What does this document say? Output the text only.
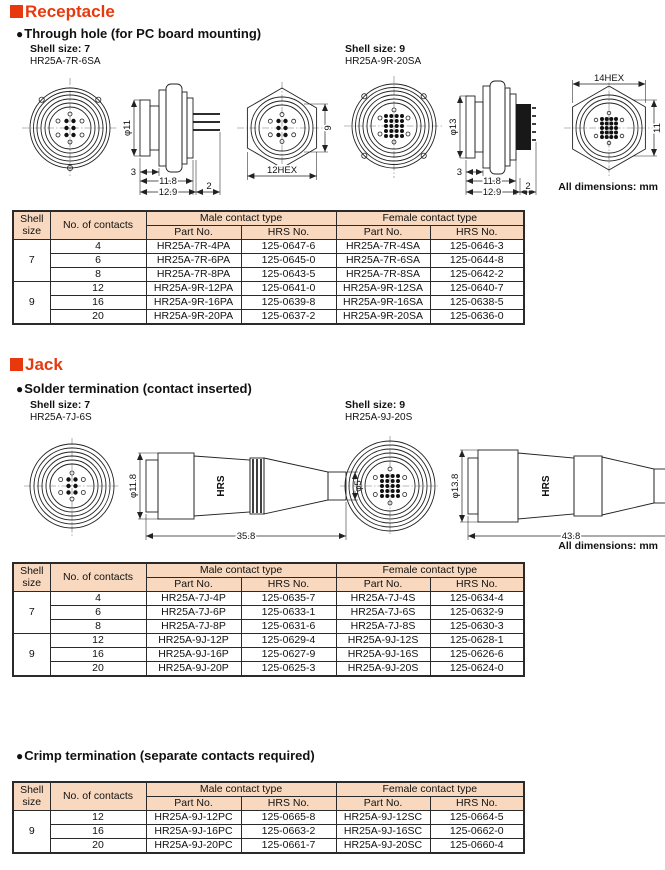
Receptacle
●Through hole (for PC board mounting)
Shell size: 7
HR25A-7R-6SA
Shell size: 9
HR25A-9R-20SA
φ11
3
11.8
12.9
2
12HEX
9	φ13
3
11.8
12.9
2
14HEX
11
All dimensions: mm
Shell size	No. of contacts	Male contact type		Female contact type	
		Part No.	HRS No.	Part No.	HRS No.
7	4	HR25A-7R-4PA	125-0647-6	HR25A-7R-4SA	125-0646-3
	6	HR25A-7R-6PA	125-0645-0	HR25A-7R-6SA	125-0644-8
	8	HR25A-7R-8PA	125-0643-5	HR25A-7R-8SA	125-0642-2
9	12	HR25A-9R-12PA	125-0641-0	HR25A-9R-12SA	125-0640-7
	16	HR25A-9R-16PA	125-0639-8	HR25A-9R-16SA	125-0638-5
	20	HR25A-9R-20PA	125-0637-2	HR25A-9R-20SA	125-0636-0
Jack
●Solder termination (contact inserted)
Shell size: 7
HR25A-7J-6S
Shell size: 9
HR25A-9J-20S
φ11.8	HRS	φ5
35.8
φ13.8	HRS
43.8
All dimensions: mm
Shell size	No. of contacts	Male contact type		Female contact type	
		Part No.	HRS No.	Part No.	HRS No.
7	4	HR25A-7J-4P	125-0635-7	HR25A-7J-4S	125-0634-4
	6	HR25A-7J-6P	125-0633-1	HR25A-7J-6S	125-0632-9
	8	HR25A-7J-8P	125-0631-6	HR25A-7J-8S	125-0630-3
9	12	HR25A-9J-12P	125-0629-4	HR25A-9J-12S	125-0628-1
	16	HR25A-9J-16P	125-0627-9	HR25A-9J-16S	125-0626-6
	20	HR25A-9J-20P	125-0625-3	HR25A-9J-20S	125-0624-0
●Crimp termination (separate contacts required)
Shell size	No. of contacts	Male contact type		Female contact type	
		Part No.	HRS No.	Part No.	HRS No.
9	12	HR25A-9J-12PC	125-0665-8	HR25A-9J-12SC	125-0664-5
	16	HR25A-9J-16PC	125-0663-2	HR25A-9J-16SC	125-0662-0
	20	HR25A-9J-20PC	125-0661-7	HR25A-9J-20SC	125-0660-4
